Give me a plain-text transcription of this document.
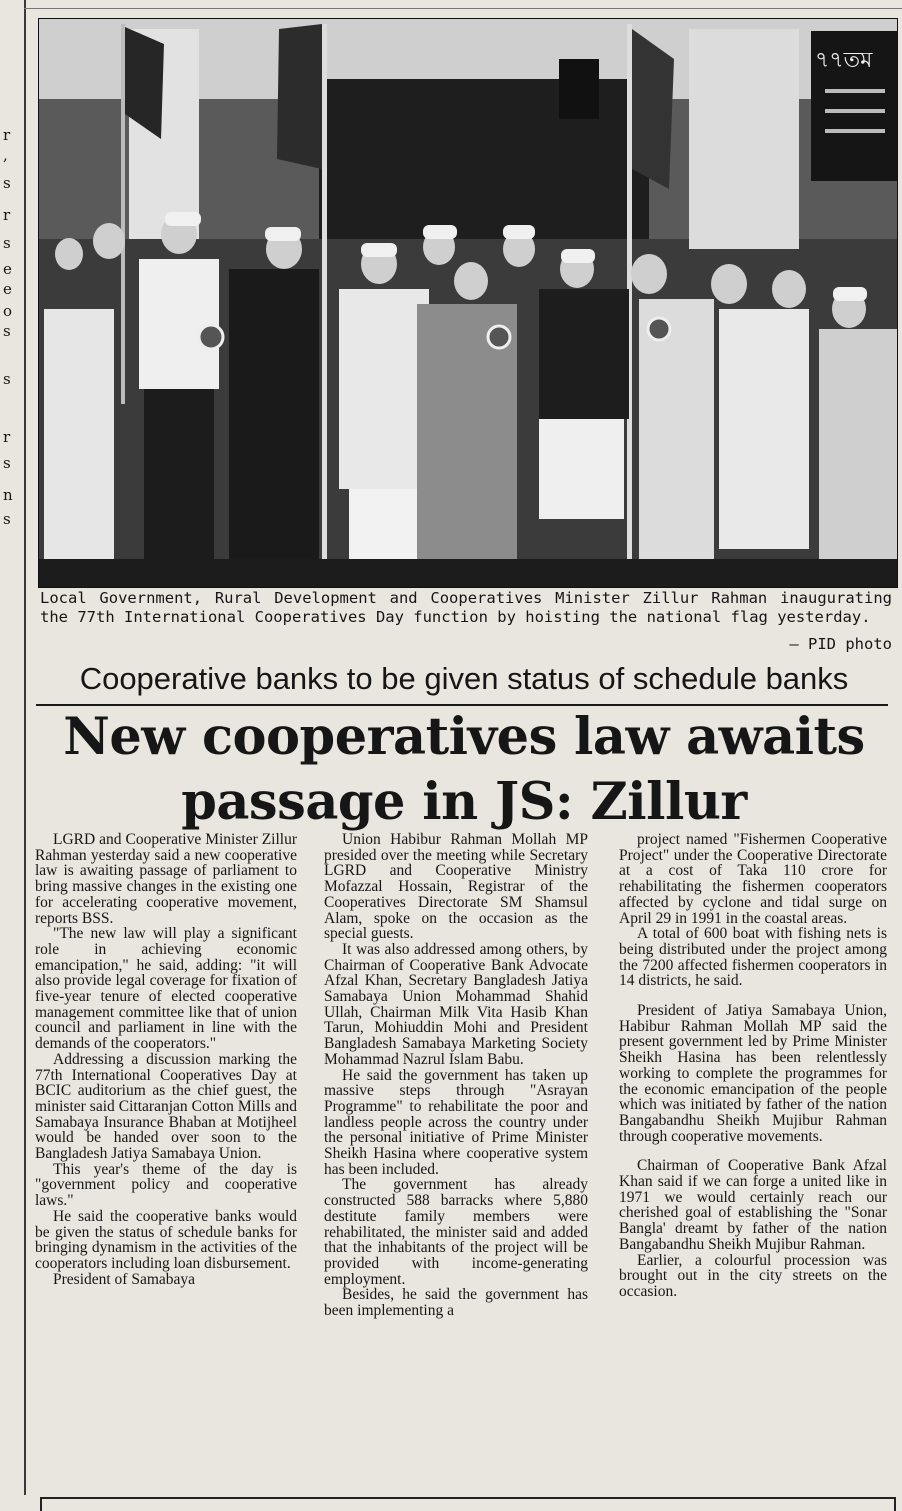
r
,
s
r
s
e
e
o
s
s
r
s
n
s
৭৭তম
Local Government, Rural Development and Cooperatives Minister Zillur Rahman inaugurating the 77th International Cooperatives Day function by hoisting the national flag yesterday.
— PID photo
Cooperative banks to be given status of schedule banks
New cooperatives law awaits
passage in JS: Zillur

LGRD and Cooperative Minister Zillur Rahman yesterday said a new cooperative law is awaiting passage of parliament to bring massive changes in the existing one for accelerating cooperative movement, reports BSS.

"The new law will play a significant role in achieving economic emancipation," he said, adding: "it will also provide legal coverage for fixation of five-year tenure of elected cooperative management committee like that of union council and parliament in line with the demands of the cooperators."

Addressing a discussion marking the 77th International Cooperatives Day at BCIC auditorium as the chief guest, the minister said Cittaranjan Cotton Mills and Samabaya Insurance Bhaban at Motijheel would be handed over soon to the Bangladesh Jatiya Samabaya Union.

This year's theme of the day is "government policy and cooperative laws."

He said the cooperative banks would be given the status of schedule banks for bringing dynamism in the activities of the cooperators including loan disbursement.

President of Samabaya

Union Habibur Rahman Mollah MP presided over the meeting while Secretary LGRD and Cooperative Ministry Mofazzal Hossain, Registrar of the Cooperatives Directorate SM Shamsul Alam, spoke on the occasion as the special guests.

It was also addressed among others, by Chairman of Cooperative Bank Advocate Afzal Khan, Secretary Bangladesh Jatiya Samabaya Union Mohammad Shahid Ullah, Chairman Milk Vita Hasib Khan Tarun, Mohiuddin Mohi and President Bangladesh Samabaya Marketing Society Mohammad Nazrul Islam Babu.

He said the government has taken up massive steps through "Asrayan Programme" to rehabilitate the poor and landless people across the country under the personal initiative of Prime Minister Sheikh Hasina where cooperative system has been included.

The government has already constructed 588 barracks where 5,880 destitute family members were rehabilitated, the minister said and added that the inhabitants of the project will be provided with income-generating employment.

Besides, he said the government has been implementing a

project named "Fishermen Cooperative Project" under the Cooperative Directorate at a cost of Taka 110 crore for rehabilitating the fishermen cooperators affected by cyclone and tidal surge on April 29 in 1991 in the coastal areas.

A total of 600 boat with fishing nets is being distributed under the project among the 7200 affected fishermen cooperators in 14 districts, he said.

President of Jatiya Samabaya Union, Habibur Rahman Mollah MP said the present government led by Prime Minister Sheikh Hasina has been relentlessly working to complete the programmes for the economic emancipation of the people which was initiated by father of the nation Bangabandhu Sheikh Mujibur Rahman through cooperative movements.

Chairman of Cooperative Bank Afzal Khan said if we can forge a united like in 1971 we would certainly reach our cherished goal of establishing the "Sonar Bangla' dreamt by father of the nation Bangabandhu Sheikh Mujibur Rahman.

Earlier, a colourful procession was brought out in the city streets on the occasion.
